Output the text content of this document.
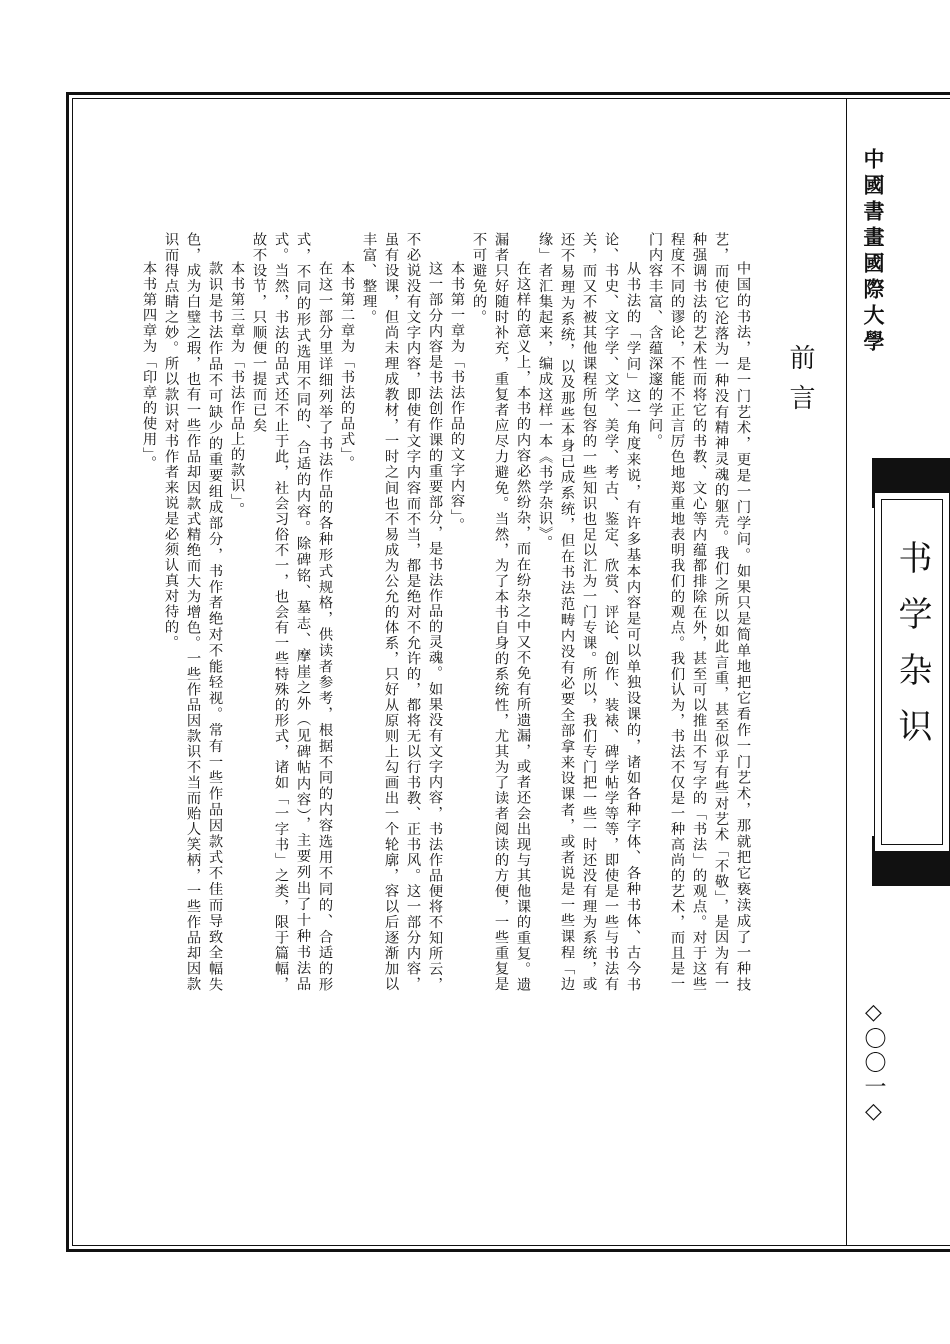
中國書畫國際大學
书学杂识
◇〇〇一◇
前言

中国的书法，是一门艺术，更是一门学问。如果只是简单地把它看作一门艺术，那就把它亵渎成了一种技艺，而使它沦落为一种没有精神灵魂的躯壳。我们之所以如此言重，甚至似乎有些对艺术「不敬」，是因为有一种强调书法的艺术性而将它的书教、文心等内蕴都排除在外，甚至可以推出不写字的「书法」的观点。对于这些程度不同的谬论，不能不正言厉色地郑重地表明我们的观点。我们认为，书法不仅是一种高尚的艺术，而且是一门内容丰富、含蕴深邃的学问。

从书法的「学问」这一角度来说，有许多基本内容是可以单独设课的，诸如各种字体、各种书体、古今书论、书史、文字学、文学、美学、考古、鉴定、欣赏、评论、创作、装裱、碑学帖学等等，即使是一些与书法有关，而又不被其他课程所包容的一些知识也足以汇为一门专课。所以，我们专门把一些一时还没有理为系统，或还不易理为系统，以及那些本身已成系统，但在书法范畴内没有必要全部拿来设课者，或者说是一些课程「边缘」者汇集起来，编成这样一本《书学杂识》。

在这样的意义上，本书的内容必然纷杂，而在纷杂之中又不免有所遗漏，或者还会出现与其他课的重复。遗漏者只好随时补充，重复者应尽力避免。当然，为了本书自身的系统性，尤其为了读者阅读的方便，一些重复是不可避免的。

本书第一章为「书法作品的文字内容」。

这一部分内容是书法创作课的重要部分，是书法作品的灵魂。如果没有文字内容，书法作品便将不知所云，不必说没有文字内容，即使有文字内容而不当，都是绝对不允许的，都将无以行书教、正书风。这一部分内容，虽有设课，但尚未理成教材，一时之间也不易成为公允的体系，只好从原则上勾画出一个轮廓，容以后逐渐加以丰富、整理。

本书第二章为「书法的品式」。

在这一部分里详细列举了书法作品的各种形式规格，供读者参考，根据不同的内容选用不同的、合适的形式，不同的形式选用不同的、合适的内容。除碑铭、墓志、摩崖之外（见碑帖内容），主要列出了十种书法品式。当然，书法的品式还不止于此，社会习俗不一，也会有一些特殊的形式，诸如「一字书」之类，限于篇幅，故不设节，只顺便一提而已矣

本书第三章为「书法作品上的款识」。

款识是书法作品不可缺少的重要组成部分，书作者绝对不能轻视。常有一些作品因款式不佳而导致全幅失色，成为白璧之瑕，也有一些作品却因款式精绝而大为增色。一些作品因款识不当而贻人笑柄，一些作品却因款识而得点睛之妙。所以款识对书作者来说是必须认真对待的。

本书第四章为「印章的使用」。
